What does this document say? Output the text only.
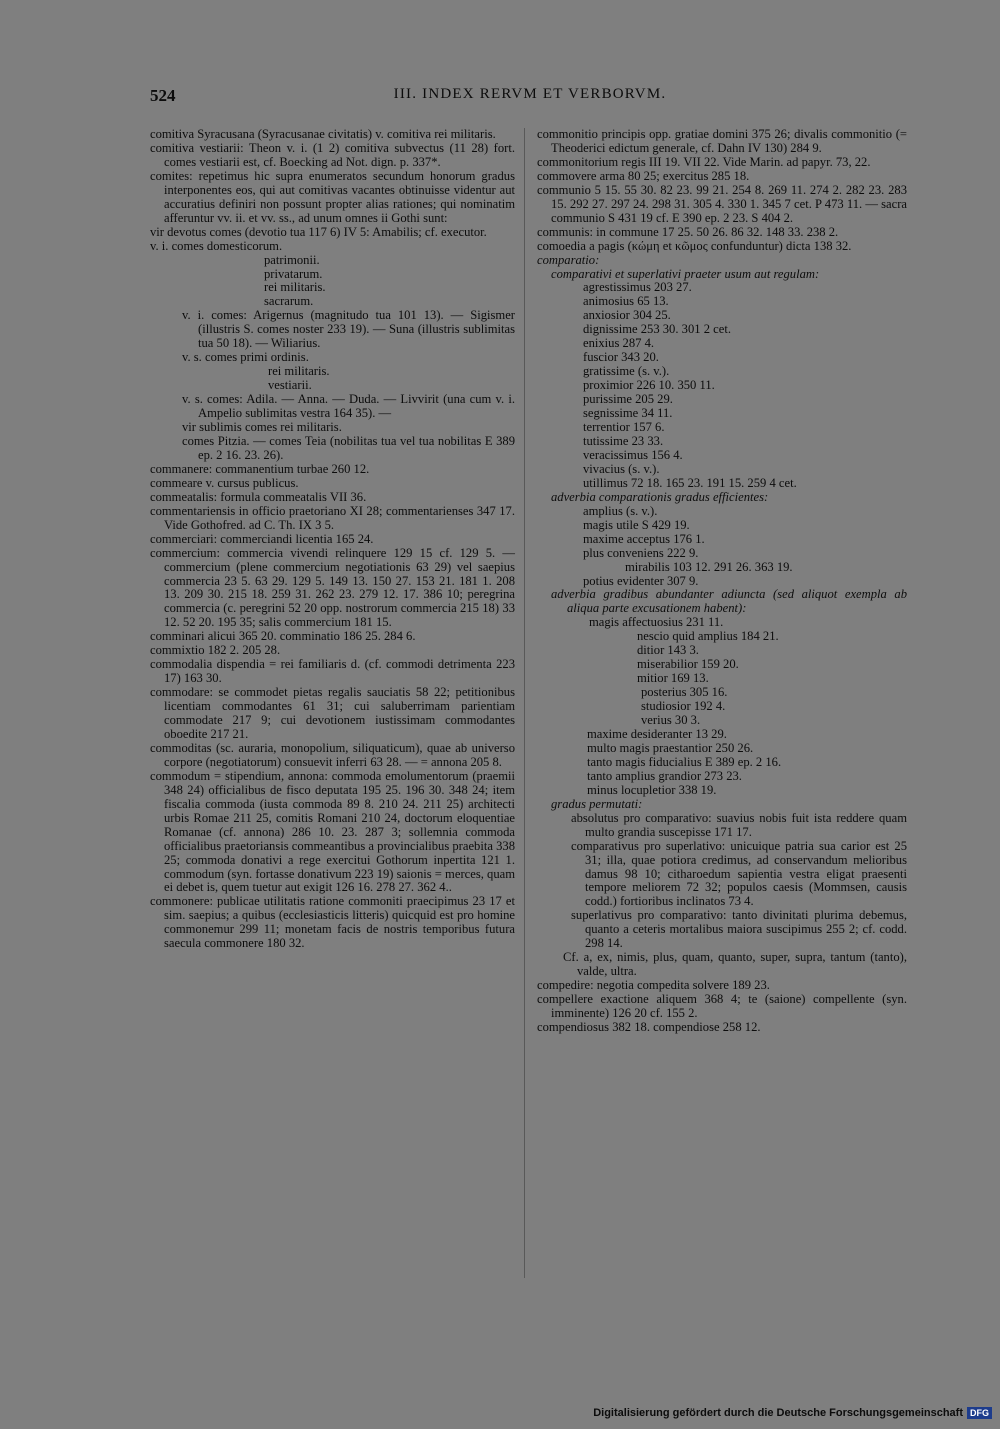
524	III. INDEX RERVM ET VERBORVM.
comitiva Syracusana (Syracusanae civitatis) v. comitiva rei militaris.
comitiva vestiarii: Theon v. i. (1 2) comitiva subvectus (11 28) fort. comes vestiarii est, cf. Boecking ad Not. dign. p. 337*.
comites: repetimus hic supra enumeratos secundum honorum gradus interponentes eos, qui aut comitivas vacantes obtinuisse videntur aut accuratius definiri non possunt propter alias rationes; qui nominatim afferuntur vv. ii. et vv. ss., ad unum omnes ii Gothi sunt:
vir devotus comes (devotio tua 117 6) IV 5: Amabilis; cf. executor.
v. i. comes domesticorum.
patrimonii.
privatarum.
rei militaris.
sacrarum.
v. i. comes: Arigernus (magnitudo tua 101 13). — Sigismer (illustris S. comes noster 233 19). — Suna (illustris sublimitas tua 50 18). — Wiliarius.
v. s. comes primi ordinis.
rei militaris.
vestiarii.
v. s. comes: Adila. — Anna. — Duda. — Livvirit (una cum v. i. Ampelio sublimitas vestra 164 35). —
vir sublimis comes rei militaris.
comes Pitzia. — comes Teia (nobilitas tua vel tua nobilitas E 389 ep. 2 16. 23. 26).
commanere: commanentium turbae 260 12.
commeare v. cursus publicus.
commeatalis: formula commeatalis VII 36.
commentariensis in officio praetoriano XI 28; commentarienses 347 17. Vide Gothofred. ad C. Th. IX 3 5.
commerciari: commerciandi licentia 165 24.
commercium: commercia vivendi relinquere 129 15 cf. 129 5. — commercium (plene commercium negotiationis 63 29) vel saepius commercia 23 5. 63 29. 129 5. 149 13. 150 27. 153 21. 181 1. 208 13. 209 30. 215 18. 259 31. 262 23. 279 12. 17. 386 10; peregrina commercia (c. peregrini 52 20 opp. nostrorum commercia 215 18) 33 12. 52 20. 195 35; salis commercium 181 15.
comminari alicui 365 20. comminatio 186 25. 284 6.
commixtio 182 2. 205 28.
commodalia dispendia = rei familiaris d. (cf. commodi detrimenta 223 17) 163 30.
commodare: se commodet pietas regalis sauciatis 58 22; petitionibus licentiam commodantes 61 31; cui saluberrimam parientiam commodate 217 9; cui devotionem iustissimam commodantes oboedite 217 21.
commoditas (sc. auraria, monopolium, siliquaticum), quae ab universo corpore (negotiatorum) consuevit inferri 63 28. — = annona 205 8.
commodum = stipendium, annona: commoda emolumentorum (praemii 348 24) officialibus de fisco deputata 195 25. 196 30. 348 24; item fiscalia commoda (iusta commoda 89 8. 210 24. 211 25) architecti urbis Romae 211 25, comitis Romani 210 24, doctorum eloquentiae Romanae (cf. annona) 286 10. 23. 287 3; sollemnia commoda officialibus praetoriansis commeantibus a provincialibus praebita 338 25; commoda donativi a rege exercitui Gothorum inpertita 121 1. commodum (syn. fortasse donativum 223 19) saionis = merces, quam ei debet is, quem tuetur aut exigit 126 16. 278 27. 362 4..
commonere: publicae utilitatis ratione commoniti praecipimus 23 17 et sim. saepius; a quibus (ecclesiasticis litteris) quicquid est pro homine commonemur 299 11; monetam facis de nostris temporibus futura saecula commonere 180 32.
commonitio principis opp. gratiae domini 375 26; divalis commonitio (= Theoderici edictum generale, cf. Dahn IV 130) 284 9.
commonitorium regis III 19. VII 22. Vide Marin. ad papyr. 73, 22.
commovere arma 80 25; exercitus 285 18.
communio 5 15. 55 30. 82 23. 99 21. 254 8. 269 11. 274 2. 282 23. 283 15. 292 27. 297 24. 298 31. 305 4. 330 1. 345 7 cet. P 473 11. — sacra communio S 431 19 cf. E 390 ep. 2 23. S 404 2.
communis: in commune 17 25. 50 26. 86 32. 148 33. 238 2.
comoedia a pagis (κώμη et κῶμος confunduntur) dicta 138 32.
comparatio:
comparativi et superlativi praeter usum aut regulam:
agrestissimus 203 27.
animosius 65 13.
anxiosior 304 25.
dignissime 253 30. 301 2 cet.
enixius 287 4.
fuscior 343 20.
gratissime (s. v.).
proximior 226 10. 350 11.
purissime 205 29.
segnissime 34 11.
terrentior 157 6.
tutissime 23 33.
veracissimus 156 4.
vivacius (s. v.).
utillimus 72 18. 165 23. 191 15. 259 4 cet.
adverbia comparationis gradus efficientes:
amplius (s. v.).
magis utile S 429 19.
maxime acceptus 176 1.
plus conveniens 222 9.
mirabilis 103 12. 291 26. 363 19.
potius evidenter 307 9.
adverbia gradibus abundanter adiuncta (sed aliquot exempla ab aliqua parte excusationem habent):
magis affectuosius 231 11.
nescio quid amplius 184 21.
ditior 143 3.
miserabilior 159 20.
mitior 169 13.
posterius 305 16.
studiosior 192 4.
verius 30 3.
maxime desideranter 13 29.
multo magis praestantior 250 26.
tanto magis fiducialius E 389 ep. 2 16.
tanto amplius grandior 273 23.
minus locupletior 338 19.
gradus permutati:
absolutus pro comparativo: suavius nobis fuit ista reddere quam multo grandia suscepisse 171 17.
comparativus pro superlativo: unicuique patria sua carior est 25 31; illa, quae potiora credimus, ad conservandum melioribus damus 98 10; citharoedum sapientia vestra eligat praesenti tempore meliorem 72 32; populos caesis (Mommsen, causis codd.) fortioribus inclinatos 73 4.
superlativus pro comparativo: tanto divinitati plurima debemus, quanto a ceteris mortalibus maiora suscipimus 255 2; cf. codd. 298 14.
Cf. a, ex, nimis, plus, quam, quanto, super, supra, tantum (tanto), valde, ultra.
compedire: negotia compedita solvere 189 23.
compellere exactione aliquem 368 4; te (saione) compellente (syn. imminente) 126 20 cf. 155 2.
compendiosus 382 18. compendiose 258 12.
Digitalisierung gefördert durch die Deutsche Forschungsgemeinschaft DFG
